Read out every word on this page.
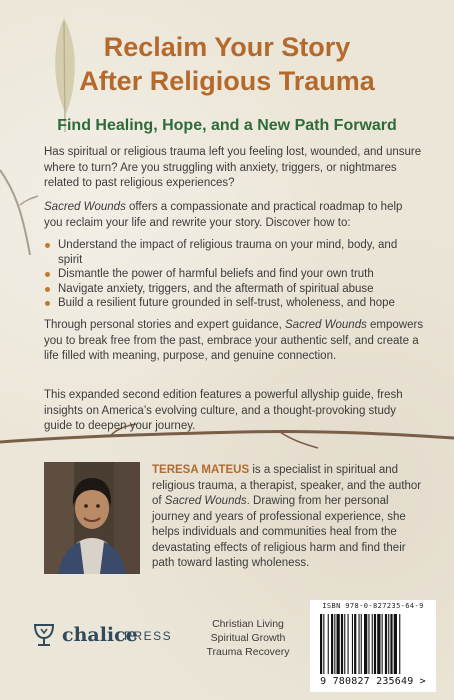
Reclaim Your Story
After Religious Trauma
Find Healing, Hope, and a New Path Forward

Has spiritual or religious trauma left you feeling lost, wounded, and unsure where to turn? Are you struggling with anxiety, triggers, or nightmares related to past religious experiences?

Sacred Wounds offers a compassionate and practical roadmap to help you reclaim your life and rewrite your story. Discover how to:

Understand the impact of religious trauma on your mind, body, and spirit
Dismantle the power of harmful beliefs and find your own truth
Navigate anxiety, triggers, and the aftermath of spiritual abuse
Build a resilient future grounded in self-trust, wholeness, and hope

Through personal stories and expert guidance, Sacred Wounds empowers you to break free from the past, embrace your authentic self, and create a life filled with meaning, purpose, and genuine connection.

This expanded second edition features a powerful allyship guide, fresh insights on America’s evolving culture, and a thought-provoking study guide to deepen your journey.

TERESA MATEUS is a specialist in spiritual and religious trauma, a therapist, speaker, and the author of Sacred Wounds. Drawing from her personal journey and years of professional experience, she helps individuals and communities heal from the devastating effects of religious harm and find their path toward lasting wholeness.

chalice
PRESS
Christian Living
Spiritual Growth
Trauma Recovery
ISBN 978-0-827235-64-9
9 780827 235649 >
